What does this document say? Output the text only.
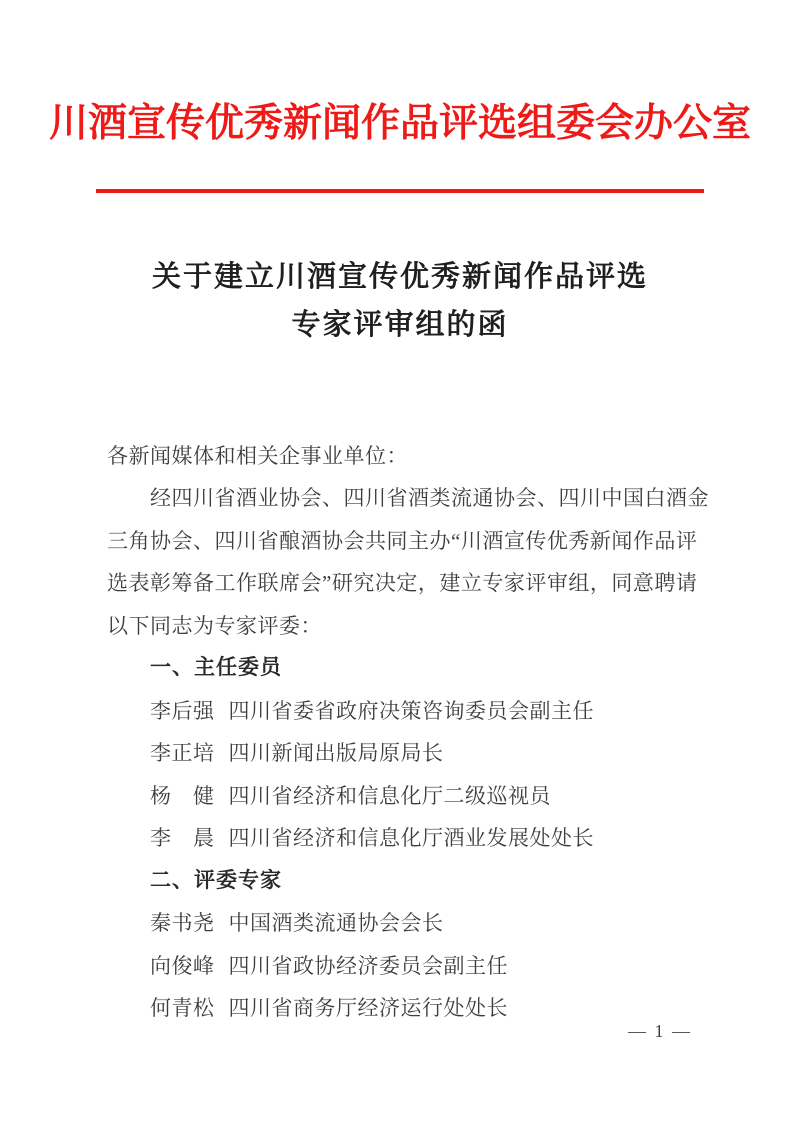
川酒宣传优秀新闻作品评选组委会办公室
关于建立川酒宣传优秀新闻作品评选
专家评审组的函
各新闻媒体和相关企事业单位：
经四川省酒业协会、四川省酒类流通协会、四川中国白酒金
三角协会、四川省酿酒协会共同主办“川酒宣传优秀新闻作品评
选表彰筹备工作联席会”研究决定，建立专家评审组，同意聘请
以下同志为专家评委：
一、主任委员
李后强 四川省委省政府决策咨询委员会副主任
李正培 四川新闻出版局原局长
杨　健 四川省经济和信息化厅二级巡视员
李　晨 四川省经济和信息化厅酒业发展处处长
二、评委专家
秦书尧 中国酒类流通协会会长
向俊峰 四川省政协经济委员会副主任
何青松 四川省商务厅经济运行处处长
— 1 —
